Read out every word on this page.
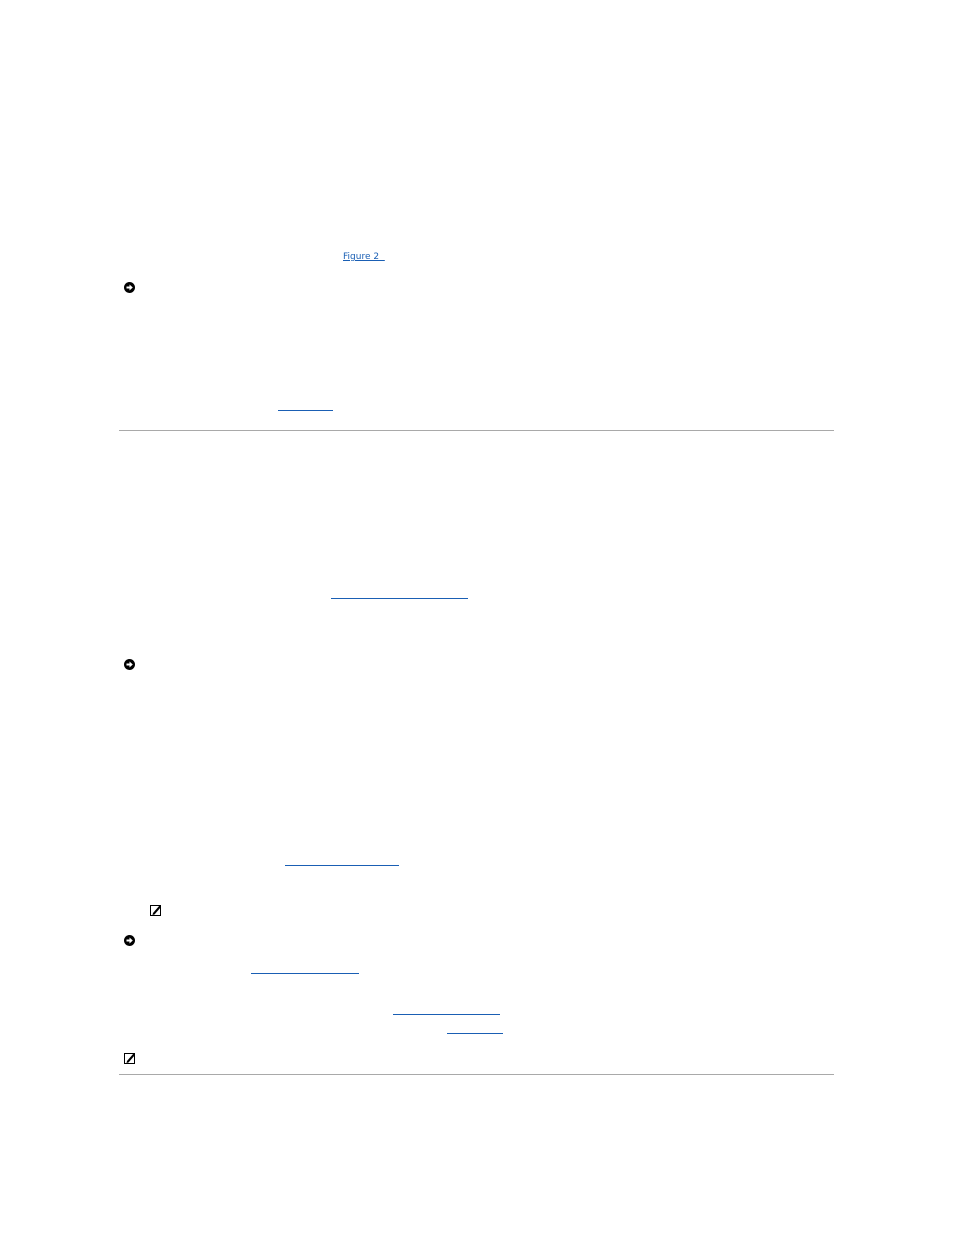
Figure 2
